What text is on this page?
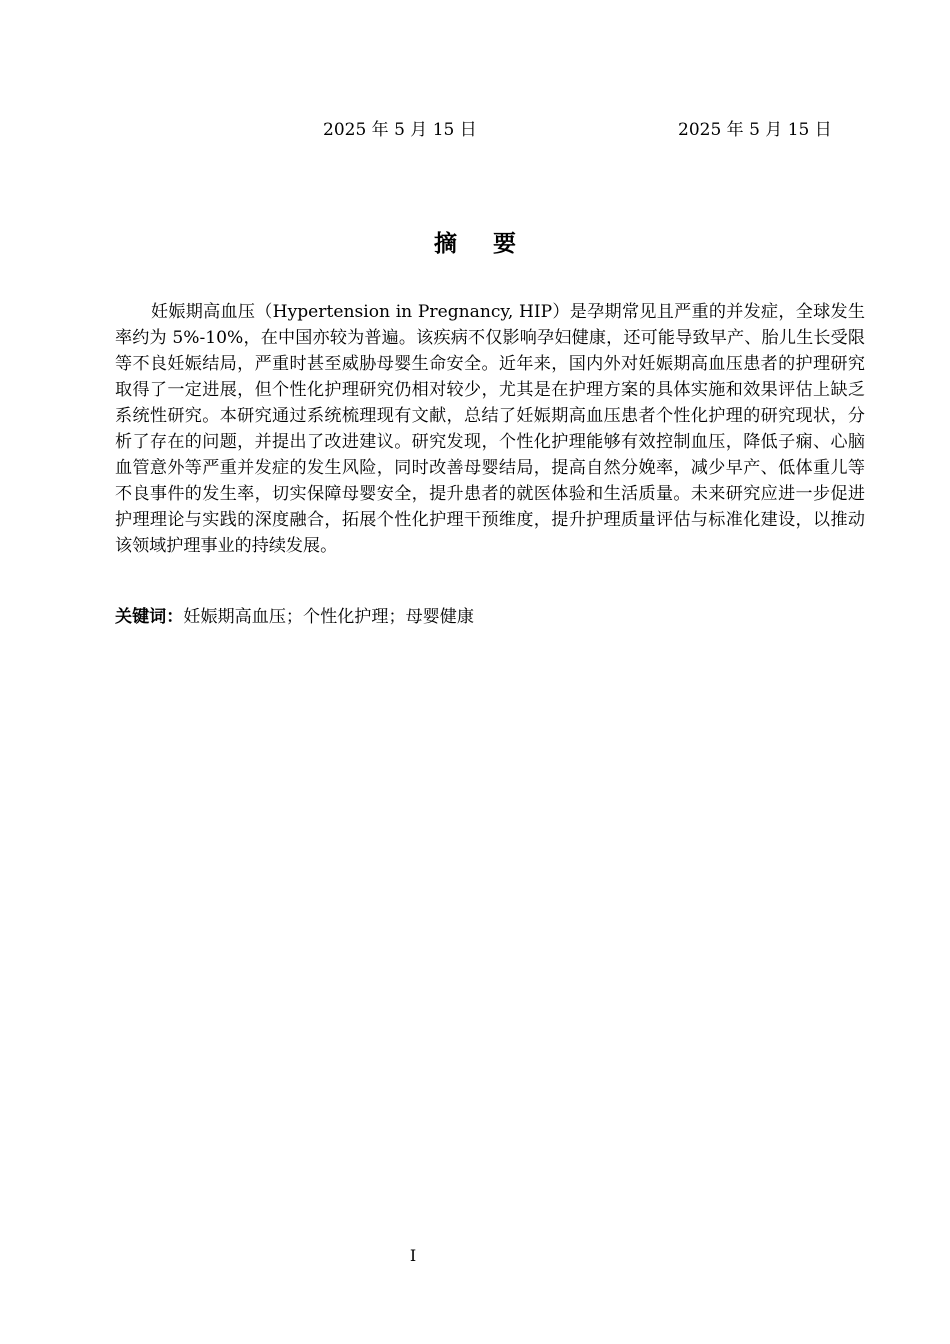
2025 年 5 月 15 日	2025 年 5 月 15 日
摘要

妊娠期高血压（Hypertension in Pregnancy, HIP）是孕期常见且严重的并发症，全球发生率约为 5%-10%，在中国亦较为普遍。该疾病不仅影响孕妇健康，还可能导致早产、胎儿生长受限等不良妊娠结局，严重时甚至威胁母婴生命安全。近年来，国内外对妊娠期高血压患者的护理研究取得了一定进展，但个性化护理研究仍相对较少，尤其是在护理方案的具体实施和效果评估上缺乏系统性研究。本研究通过系统梳理现有文献，总结了妊娠期高血压患者个性化护理的研究现状，分析了存在的问题，并提出了改进建议。研究发现，个性化护理能够有效控制血压，降低子痫、心脑血管意外等严重并发症的发生风险，同时改善母婴结局，提高自然分娩率，减少早产、低体重儿等不良事件的发生率，切实保障母婴安全，提升患者的就医体验和生活质量。未来研究应进一步促进护理理论与实践的深度融合，拓展个性化护理干预维度，提升护理质量评估与标准化建设，以推动该领域护理事业的持续发展。

关键词：妊娠期高血压；个性化护理；母婴健康

I
